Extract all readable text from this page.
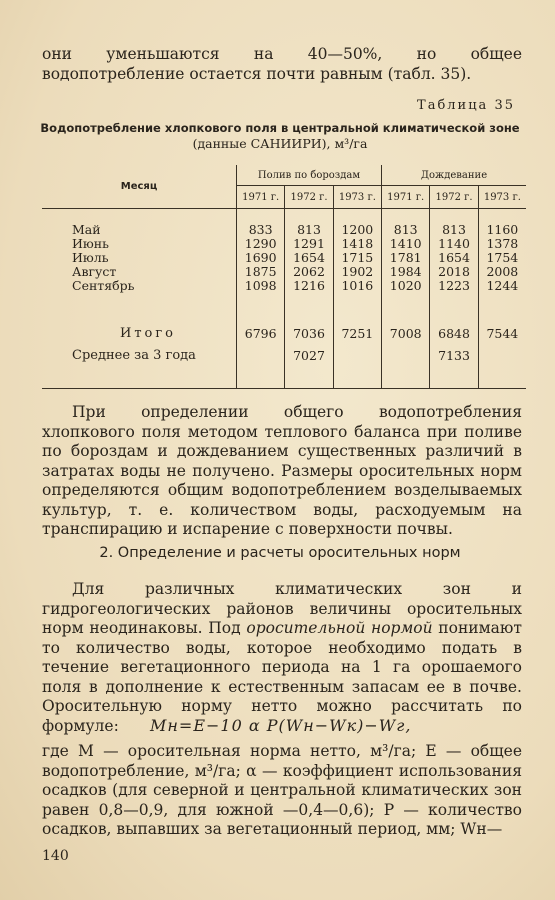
они уменьшаются на 40—50%, но общее водопотребление остается почти равным (табл. 35).

Таблица 35
Водопотребление хлопкового поля в центральной климатической зоне
(данные САНИИРИ), м³/га
Месяц	Полив по бороздам			Дождевание		
	1971 г.	1972 г.	1973 г.	1971 г.	1972 г.	1973 г.

Май	833	813	1200	813	813	1160
Июнь	1290	1291	1418	1410	1140	1378
Июль	1690	1654	1715	1781	1654	1754
Август	1875	2062	1902	1984	2018	2008
Сентябрь	1098	1216	1016	1020	1223	1244

Итого	6796	7036	7251	7008	6848	7544
Среднее за 3 года		7027			7133	

При определении общего водопотребления хлопкового поля методом теплового баланса при поливе по бороздам и дождеванием существенных различий в затратах воды не получено. Размеры оросительных норм определяются общим водопотреблением возделываемых культур, т. е. количеством воды, расходуемым на транспирацию и испарение с поверхности почвы.

2. Определение и расчеты оросительных норм

Для различных климатических зон и гидрогеологических районов величины оросительных норм неодинаковы. Под оросительной нормой понимают то количество воды, которое необходимо подать в течение вегетационного периода на 1 га орошаемого поля в дополнение к естественным запасам ее в почве. Оросительную норму нетто можно рассчитать по формуле:	Mн=E−10 α P(Wн−Wк)−Wг,

где M — оросительная норма нетто, м³/га; E — общее водопотребление, м³/га; α — коэффициент использования осадков (для северной и центральной климатических зон равен 0,8—0,9, для южной —0,4—0,6); P — количество осадков, выпавших за вегетационный период, мм; Wн—

140
